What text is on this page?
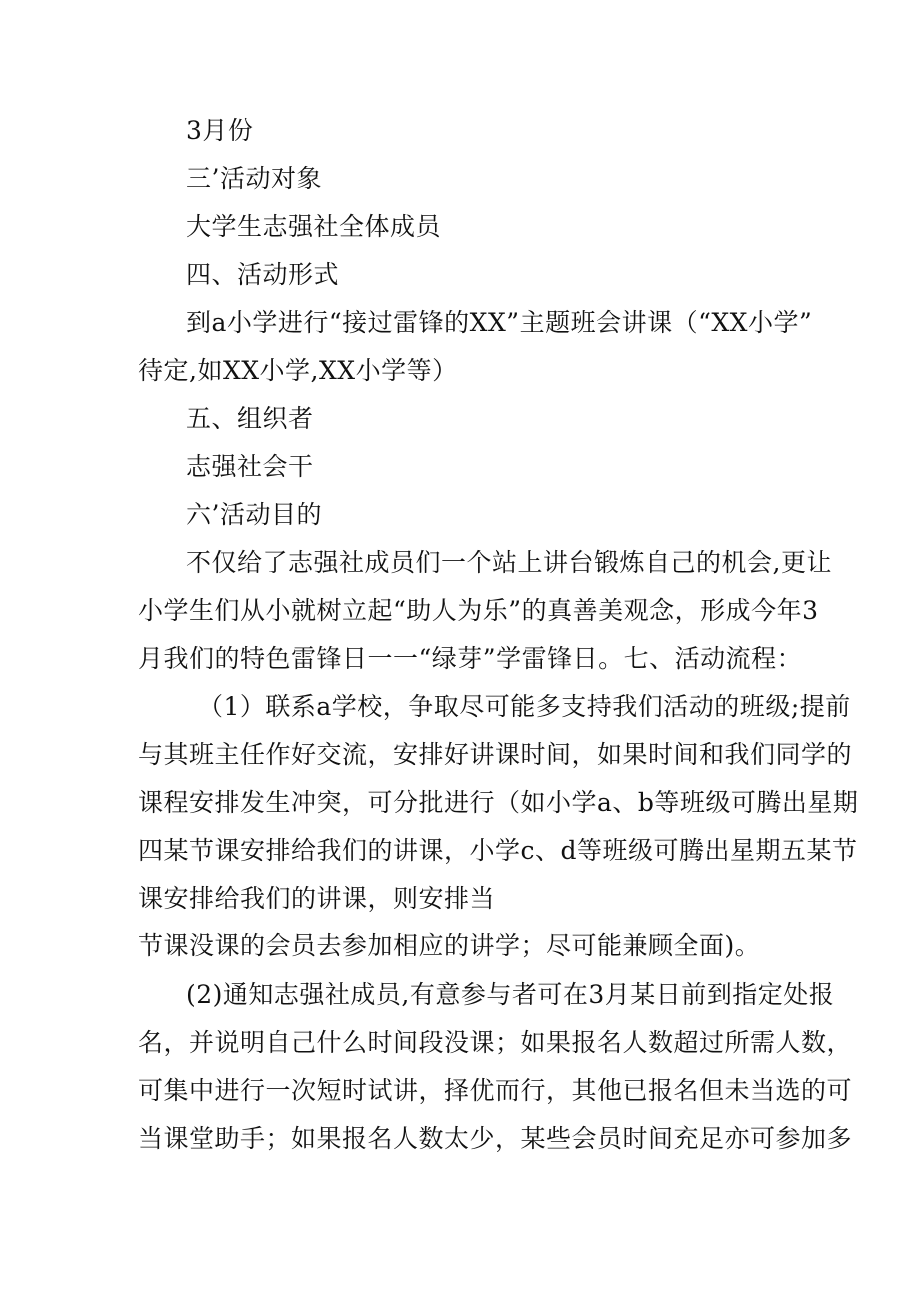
3月份
三’活动对象
大学生志强社全体成员
四、活动形式
到a小学进行“接过雷锋的XX”主题班会讲课（“XX小学”
待定,如XX小学,XX小学等）
五、组织者
志强社会干
六’活动目的
不仅给了志强社成员们一个站上讲台锻炼自己的机会,更让
小学生们从小就树立起“助人为乐”的真善美观念，形成今年3
月我们的特色雷锋日一一“绿芽”学雷锋日。七、活动流程：
（1）联系a学校，争取尽可能多支持我们活动的班级;提前
与其班主任作好交流，安排好讲课时间，如果时间和我们同学的
课程安排发生冲突，可分批进行（如小学a、b等班级可腾出星期
四某节课安排给我们的讲课，小学c、d等班级可腾出星期五某节
课安排给我们的讲课，则安排当
节课没课的会员去参加相应的讲学；尽可能兼顾全面)。
(2)通知志强社成员,有意参与者可在3月某日前到指定处报
名，并说明自己什么时间段没课；如果报名人数超过所需人数，
可集中进行一次短时试讲，择优而行，其他已报名但未当选的可
当课堂助手；如果报名人数太少，某些会员时间充足亦可参加多
